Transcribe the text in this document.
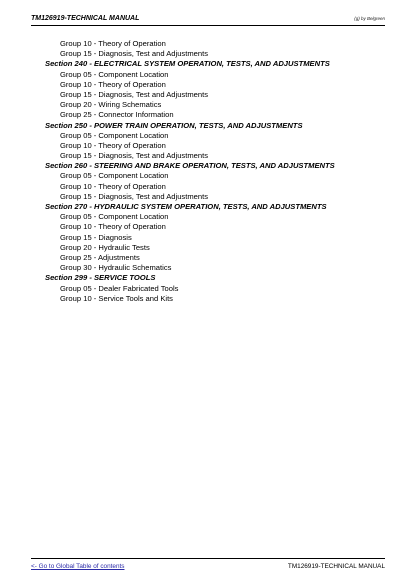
TM126919-TECHNICAL MANUAL	(g) by Belgreen
Group 10 - Theory of Operation
Group 15 - Diagnosis, Test and Adjustments
Section 240 - ELECTRICAL SYSTEM OPERATION, TESTS, AND ADJUSTMENTS
Group 05 - Component Location
Group 10 - Theory of Operation
Group 15 - Diagnosis, Test and Adjustments
Group 20 - Wiring Schematics
Group 25 - Connector Information
Section 250 - POWER TRAIN OPERATION, TESTS, AND ADJUSTMENTS
Group 05 - Component Location
Group 10 - Theory of Operation
Group 15 - Diagnosis, Test and Adjustments
Section 260 - STEERING AND BRAKE OPERATION, TESTS, AND ADJUSTMENTS
Group 05 - Component Location
Group 10 - Theory of Operation
Group 15 - Diagnosis, Test and Adjustments
Section 270 - HYDRAULIC SYSTEM OPERATION, TESTS, AND ADJUSTMENTS
Group 05 - Component Location
Group 10 - Theory of Operation
Group 15 - Diagnosis
Group 20 - Hydraulic Tests
Group 25 - Adjustments
Group 30 - Hydraulic Schematics
Section 299 - SERVICE TOOLS
Group 05 - Dealer Fabricated Tools
Group 10 - Service Tools and Kits
<- Go to Global Table of contents	TM126919-TECHNICAL MANUAL
